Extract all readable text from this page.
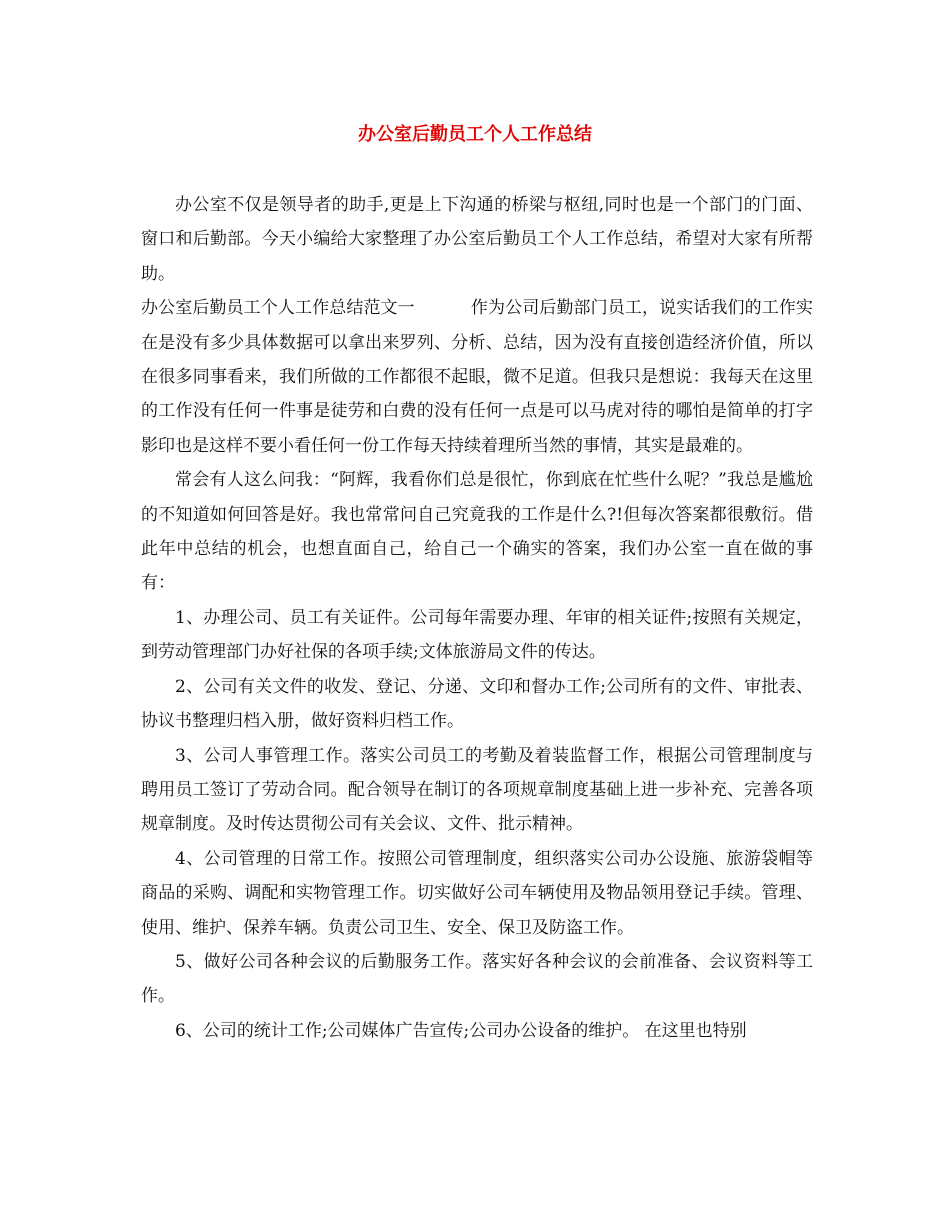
办公室后勤员工个人工作总结

办公室不仅是领导者的助手,更是上下沟通的桥梁与枢纽,同时也是一个部门的门面、窗口和后勤部。今天小编给大家整理了办公室后勤员工个人工作总结，希望对大家有所帮助。

办公室后勤员工个人工作总结范文一	作为公司后勤部门员工，说实话我们的工作实在是没有多少具体数据可以拿出来罗列、分析、总结，因为没有直接创造经济价值，所以在很多同事看来，我们所做的工作都很不起眼，微不足道。但我只是想说：我每天在这里的工作没有任何一件事是徒劳和白费的没有任何一点是可以马虎对待的哪怕是简单的打字影印也是这样不要小看任何一份工作每天持续着理所当然的事情，其实是最难的。

常会有人这么问我：“阿辉，我看你们总是很忙，你到底在忙些什么呢？”我总是尴尬的不知道如何回答是好。我也常常问自己究竟我的工作是什么?!但每次答案都很敷衍。借此年中总结的机会，也想直面自己，给自己一个确实的答案，我们办公室一直在做的事有：

1、办理公司、员工有关证件。公司每年需要办理、年审的相关证件;按照有关规定，到劳动管理部门办好社保的各项手续;文体旅游局文件的传达。

2、公司有关文件的收发、登记、分递、文印和督办工作;公司所有的文件、审批表、协议书整理归档入册，做好资料归档工作。

3、公司人事管理工作。落实公司员工的考勤及着装监督工作，根据公司管理制度与聘用员工签订了劳动合同。配合领导在制订的各项规章制度基础上进一步补充、完善各项规章制度。及时传达贯彻公司有关会议、文件、批示精神。

4、公司管理的日常工作。按照公司管理制度，组织落实公司办公设施、旅游袋帽等商品的采购、调配和实物管理工作。切实做好公司车辆使用及物品领用登记手续。管理、使用、维护、保养车辆。负责公司卫生、安全、保卫及防盗工作。

5、做好公司各种会议的后勤服务工作。落实好各种会议的会前准备、会议资料等工作。

6、公司的统计工作;公司媒体广告宣传;公司办公设备的维护。 在这里也特别
